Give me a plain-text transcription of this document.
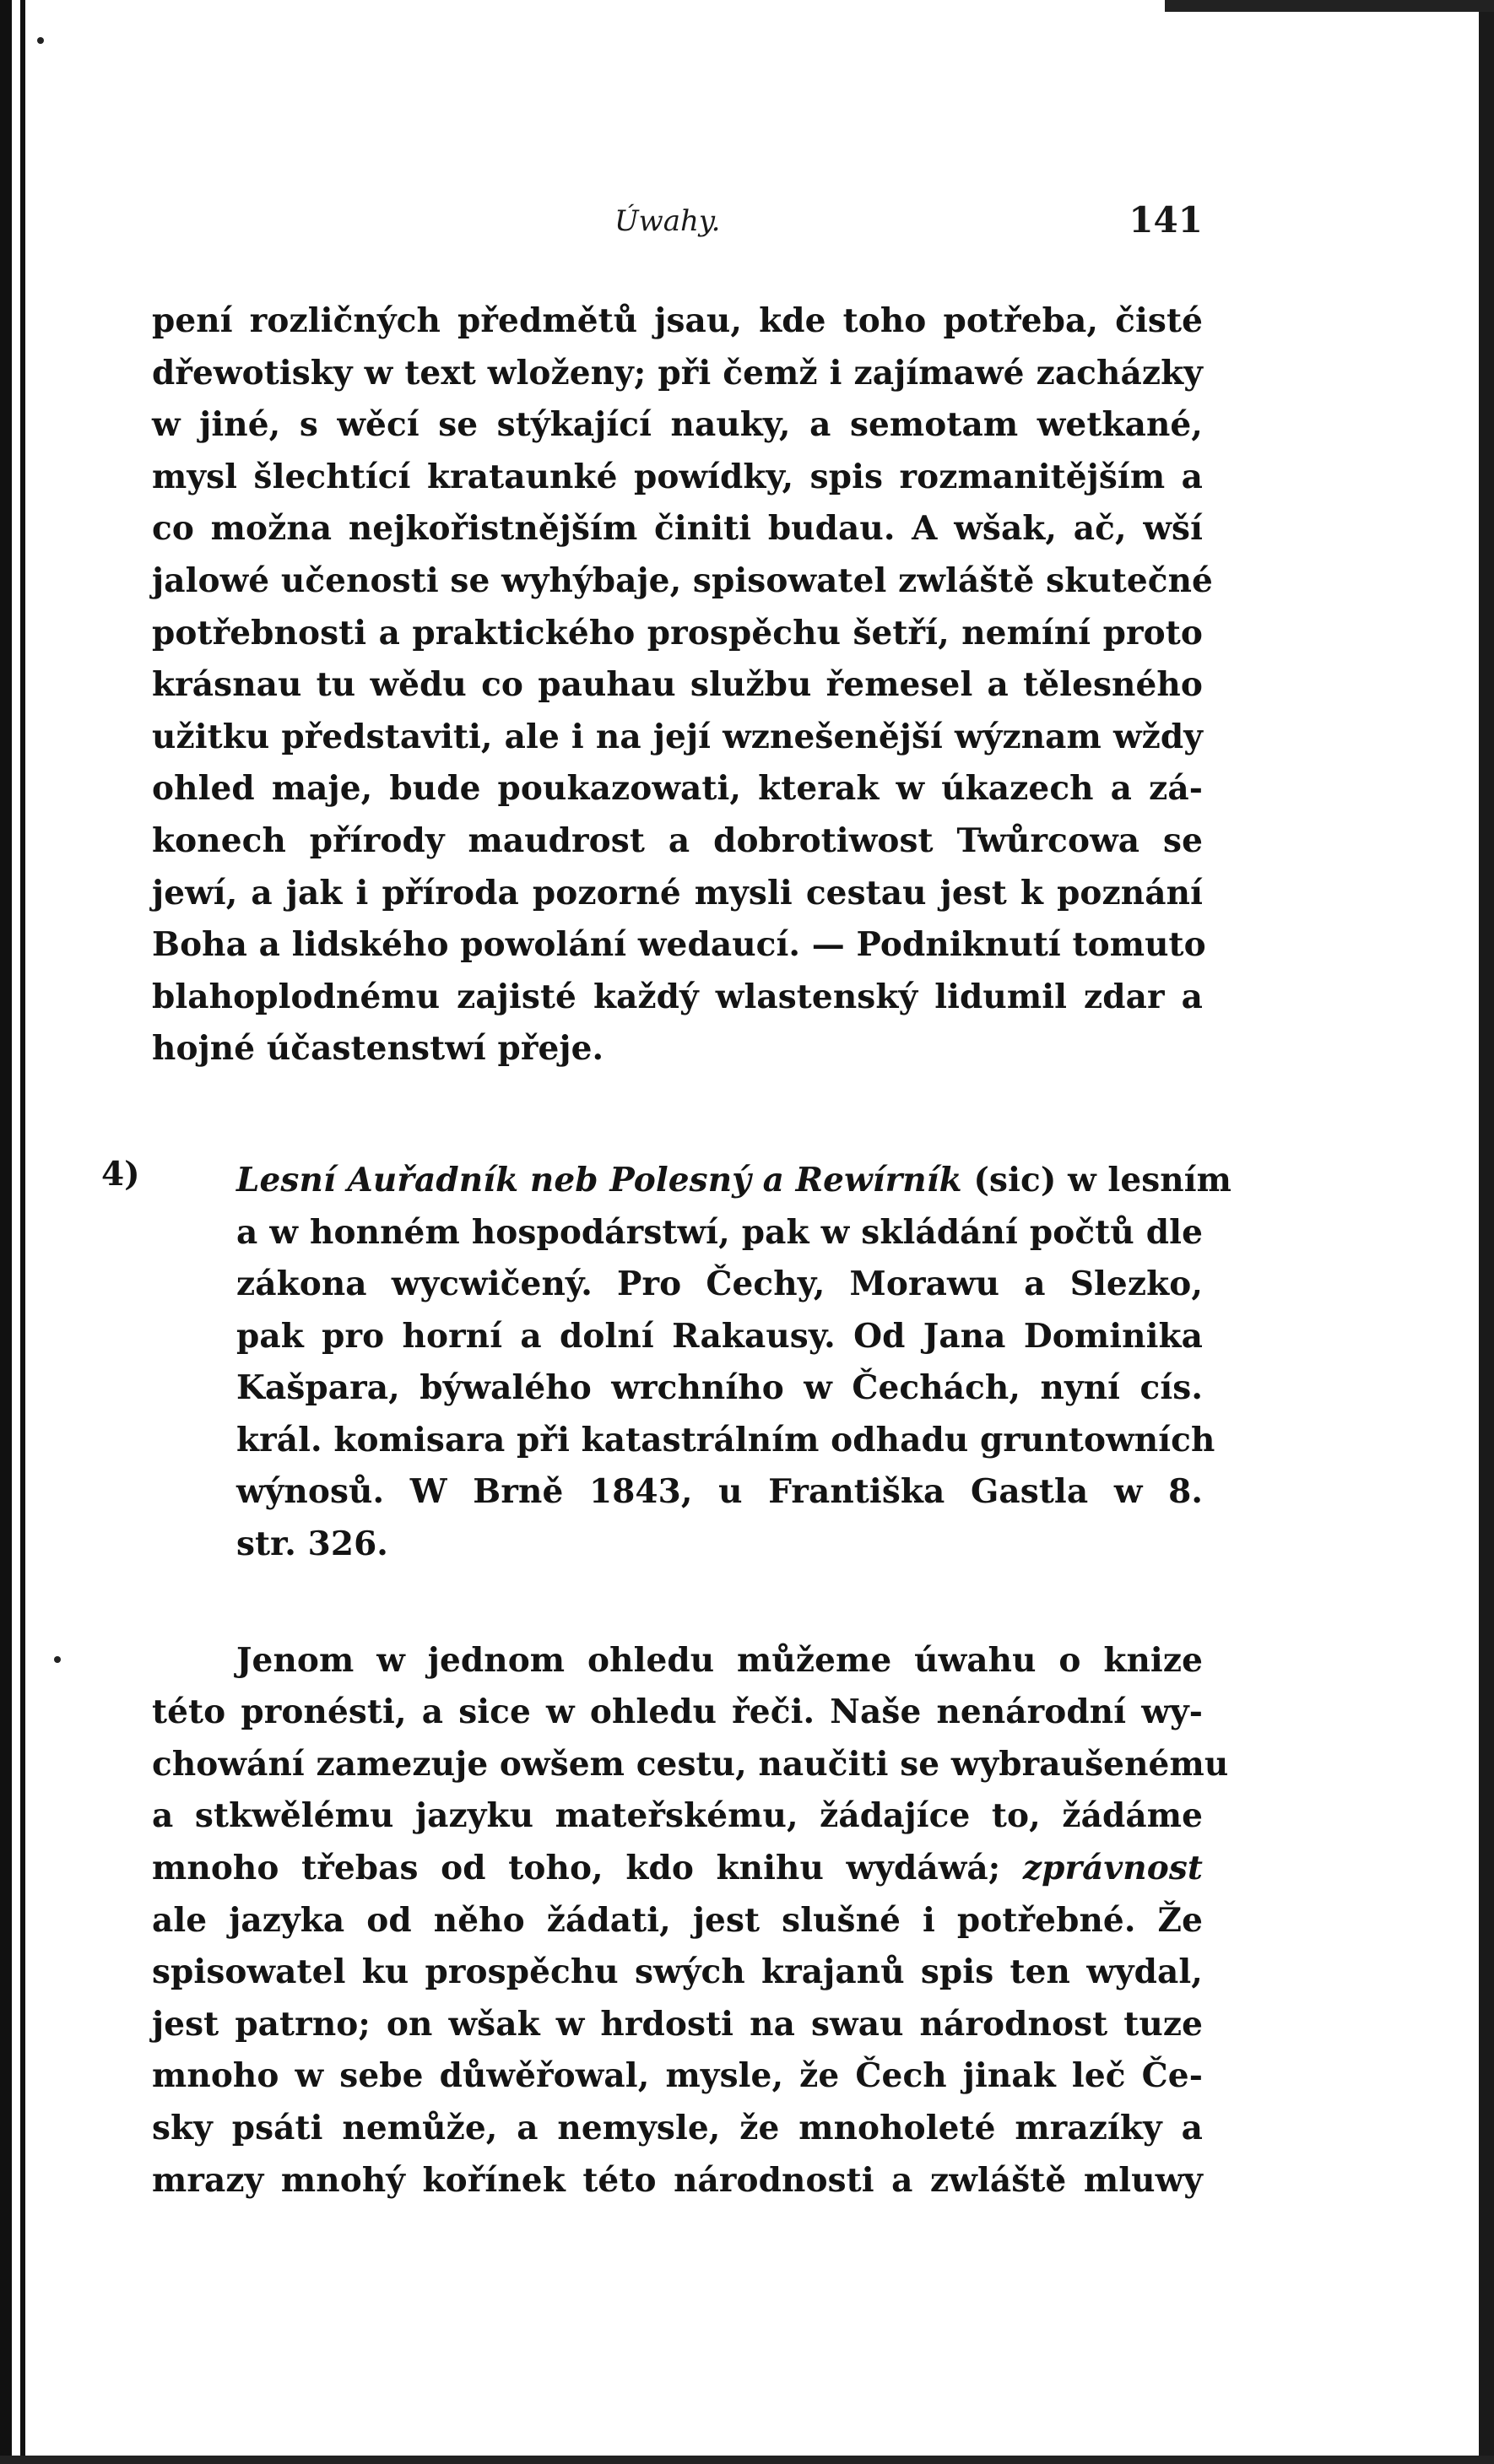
Úwahy.	141
pení rozličných předmětů jsau, kde toho potřeba, čisté
dřewotisky w text wloženy; při čemž i zajímawé zacházky
w jiné, s wěcí se stýkající nauky, a semotam wetkané,
mysl šlechtící krataunké powídky, spis rozmanitějším a
co možna nejkořistnějším činiti budau. A wšak, ač, wší
jalowé učenosti se wyhýbaje, spisowatel zwláště skutečné
potřebnosti a praktického prospěchu šetří, nemíní proto
krásnau tu wědu co pauhau službu řemesel a tělesného
užitku představiti, ale i na její wznešenější wýznam wždy
ohled maje, bude poukazowati, kterak w úkazech a zá-
konech přírody maudrost a dobrotiwost Twůrcowa se
jewí, a jak i příroda pozorné mysli cestau jest k poznání
Boha a lidského powolání wedaucí. — Podniknutí tomuto
blahoplodnému zajisté každý wlastenský lidumil zdar a
hojné účastenstwí přeje.
4)	Lesní Auřadník neb Polesný a Rewírník (sic) w lesním
a w honném hospodárstwí, pak w skládání počtů dle
zákona wycwičený. Pro Čechy, Morawu a Slezko,
pak pro horní a dolní Rakausy. Od Jana Dominika
Kašpara, býwalého wrchního w Čechách, nyní cís.
král. komisara při katastrálním odhadu gruntowních
wýnosů. W Brně 1843, u Františka Gastla w 8.
str. 326.
Jenom w jednom ohledu můžeme úwahu o knize
této pronésti, a sice w ohledu řeči. Naše nenárodní wy-
chowání zamezuje owšem cestu, naučiti se wybraušenému
a stkwělému jazyku mateřskému, žádajíce to, žádáme
mnoho třebas od toho, kdo knihu wydáwá; zprávnost
ale jazyka od něho žádati, jest slušné i potřebné. Že
spisowatel ku prospěchu swých krajanů spis ten wydal,
jest patrno; on wšak w hrdosti na swau národnost tuze
mnoho w sebe důwěřowal, mysle, že Čech jinak leč Če-
sky psáti nemůže, a nemysle, že mnoholeté mrazíky a
mrazy mnohý kořínek této národnosti a zwláště mluwy
